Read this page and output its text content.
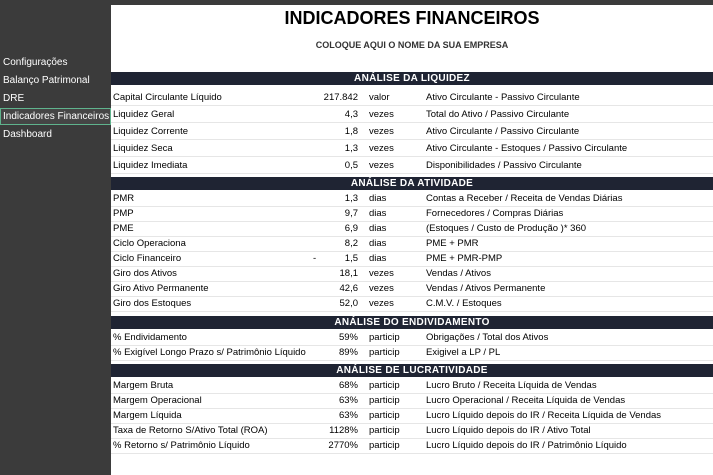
Configurações
Balanço Patrimonal
DRE
Indicadores Financeiros
Dashboard
INDICADORES FINANCEIROS
COLOQUE AQUI O NOME DA SUA EMPRESA
ANÁLISE DA LIQUIDEZ
Capital Circulante Líquido	217.842 valor	Ativo Circulante - Passivo Circulante
Liquidez Geral	4,3 vezes	Total do Ativo / Passivo Circulante
Liquidez Corrente	1,8 vezes	Ativo Circulante / Passivo Circulante
Liquidez Seca	1,3 vezes	Ativo Circulante - Estoques / Passivo Circulante
Liquidez Imediata	0,5 vezes	Disponibilidades / Passivo Circulante
ANÁLISE DA ATIVIDADE
PMR	1,3 dias	Contas a Receber / Receita de Vendas Diárias
PMP	9,7 dias	Fornecedores / Compras Diárias
PME	6,9 dias	(Estoques / Custo de Produção )* 360
Ciclo Operaciona	8,2 dias	PME + PMR
Ciclo Financeiro	-	1,5 dias	PME + PMR-PMP
Giro dos Ativos	18,1 vezes	Vendas / Ativos
Giro Ativo Permanente	42,6 vezes	Vendas / Ativos Permanente
Giro dos Estoques	52,0 vezes	C.M.V. / Estoques
ANÁLISE DO ENDIVIDAMENTO
% Endividamento	59% particip	Obrigações / Total dos Ativos
% Exigível Longo Prazo s/ Patrimônio Líquido	89% particip	Exigivel a LP / PL
ANÁLISE DE LUCRATIVIDADE
Margem Bruta	68% particip	Lucro Bruto / Receita Líquida de Vendas
Margem Operacional	63% particip	Lucro Operacional / Receita Líquida de Vendas
Margem Líquida	63% particip	Lucro Líquido depois do IR / Receita Líquida de Vendas
Taxa de Retorno S/Ativo Total (ROA)	1128% particip	Lucro Líquido depois do IR / Ativo Total
% Retorno s/ Patrimônio Líquido	2770% particip	Lucro Líquido depois do IR / Patrimônio Líquido
